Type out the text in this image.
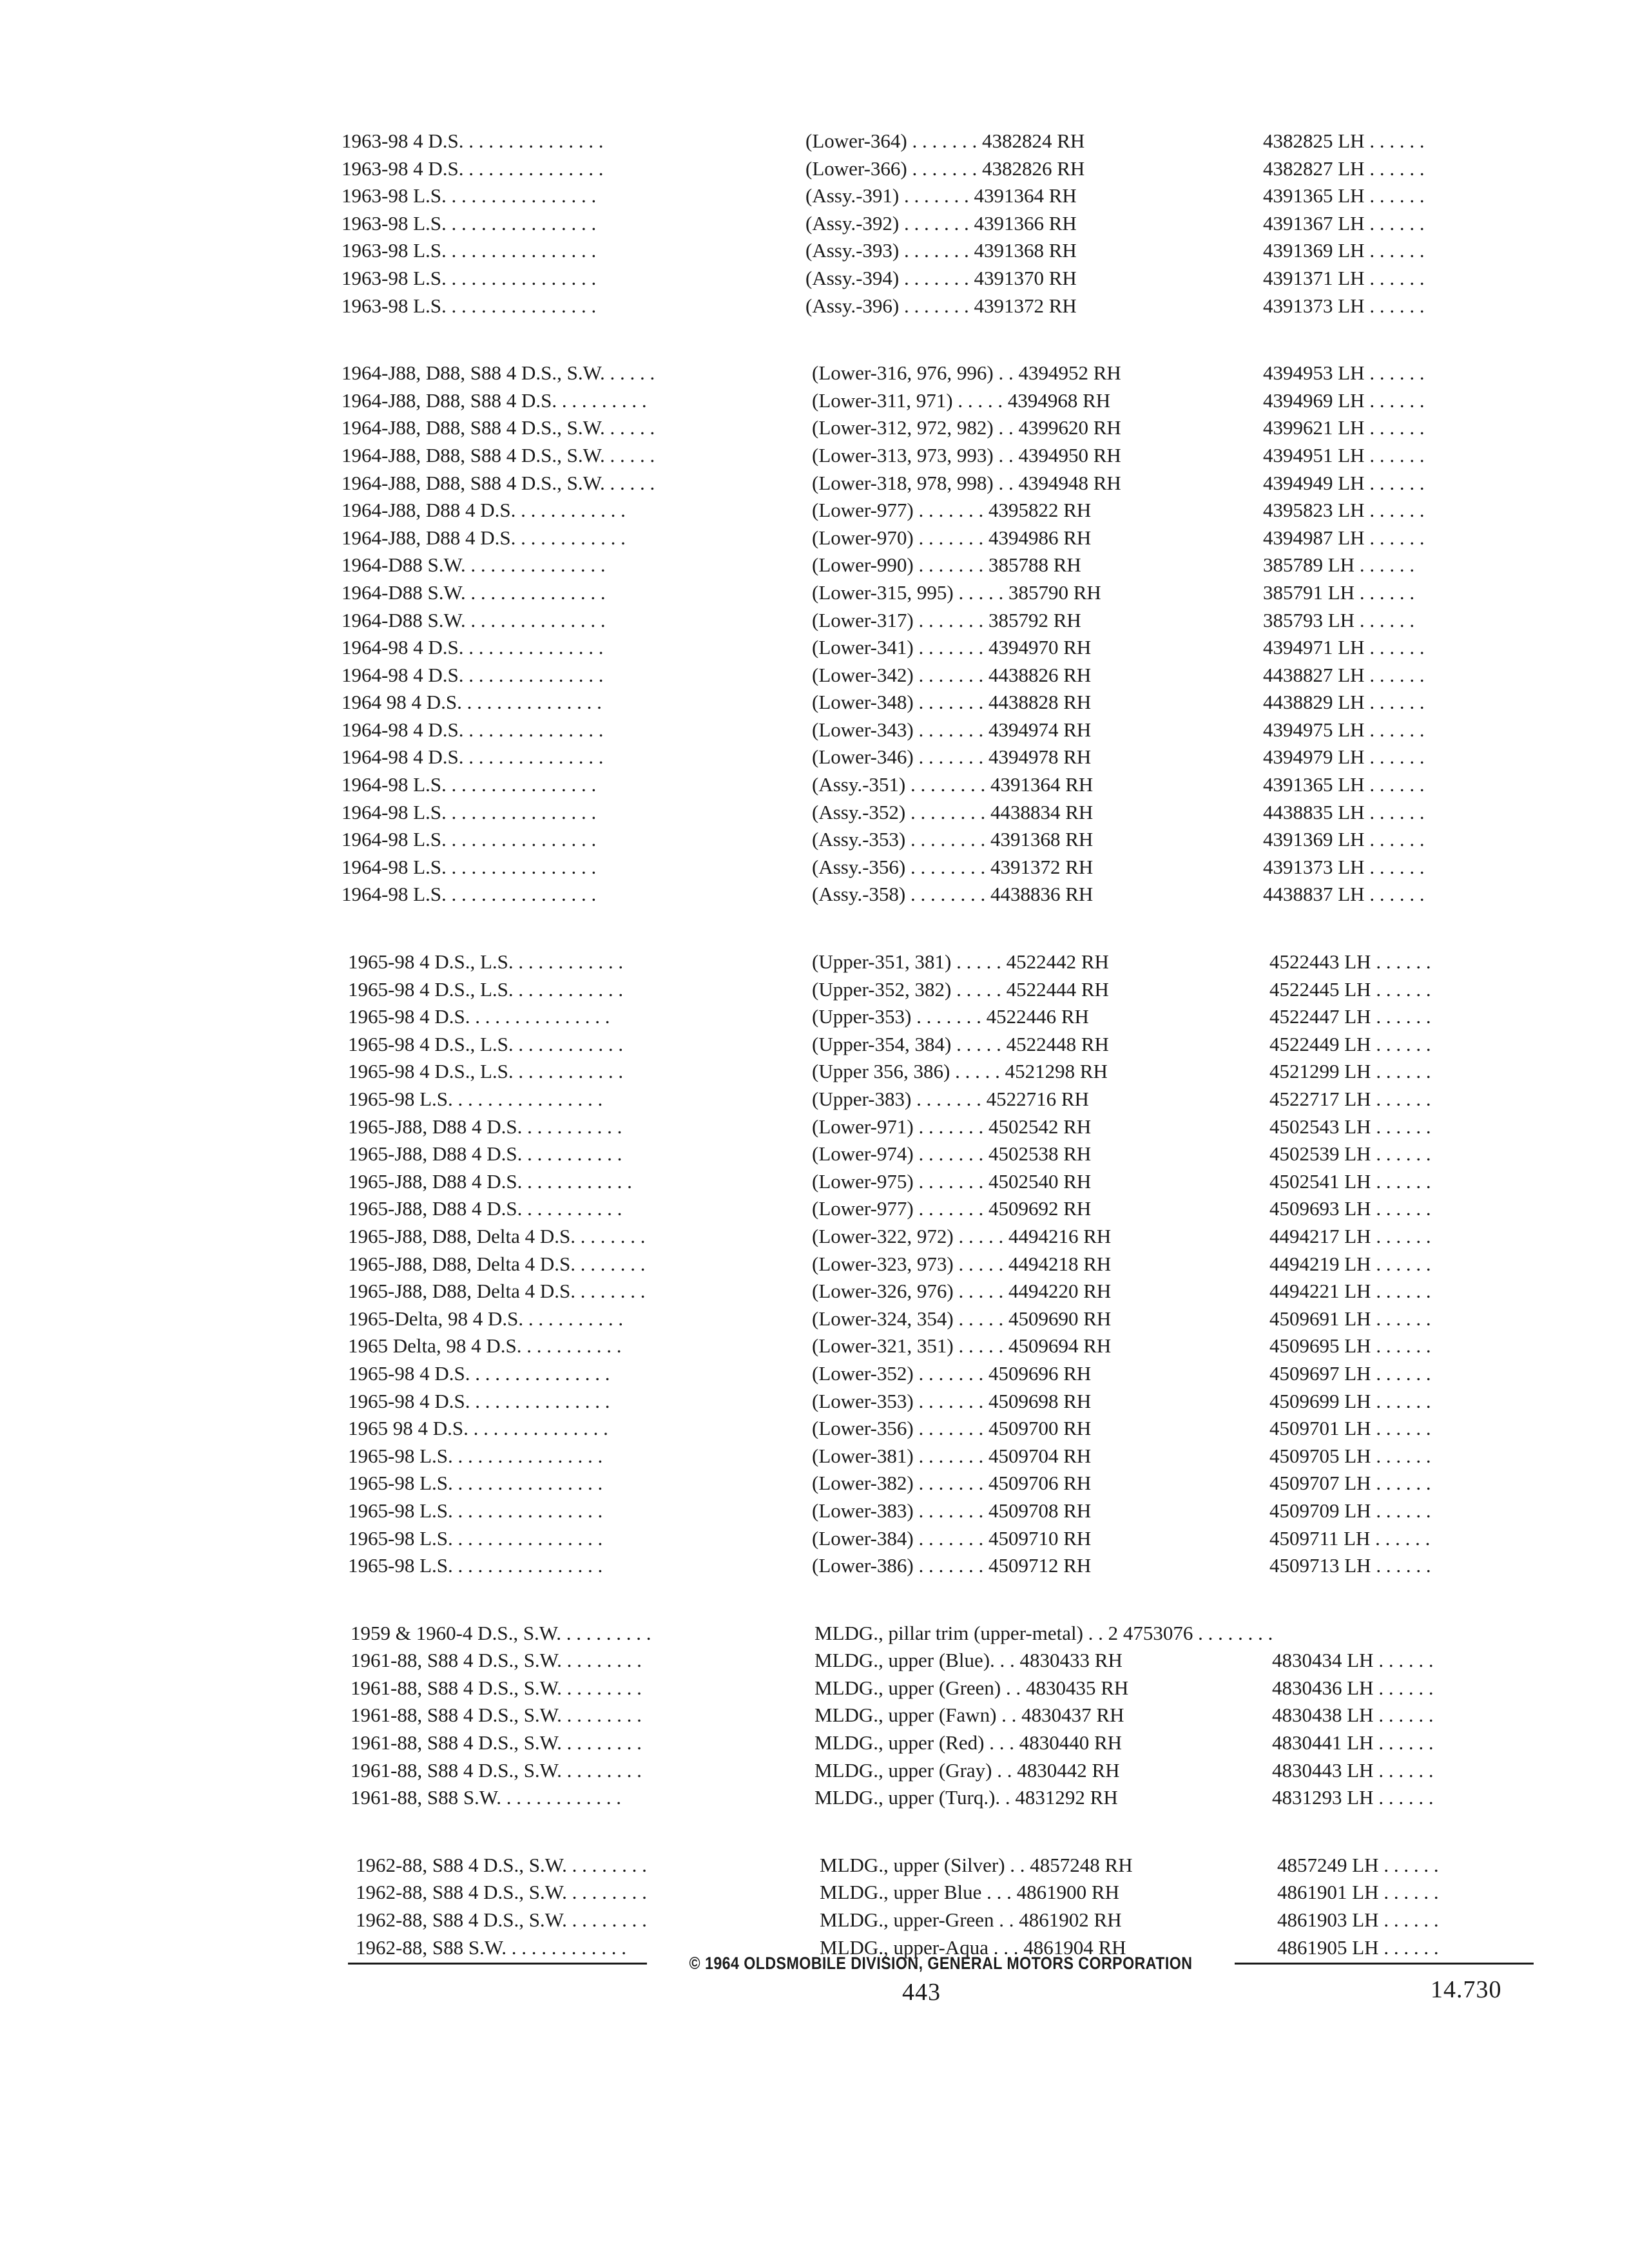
1963-98 4 D.S. . . . . . . . . . . . . . .	(Lower-364) . . . . . . . 4382824 RH	4382825 LH . . . . . .
1963-98 4 D.S. . . . . . . . . . . . . . .	(Lower-366) . . . . . . . 4382826 RH	4382827 LH . . . . . .
1963-98 L.S. . . . . . . . . . . . . . . .	(Assy.-391) . . . . . . . 4391364 RH	4391365 LH . . . . . .
1963-98 L.S. . . . . . . . . . . . . . . .	(Assy.-392) . . . . . . . 4391366 RH	4391367 LH . . . . . .
1963-98 L.S. . . . . . . . . . . . . . . .	(Assy.-393) . . . . . . . 4391368 RH	4391369 LH . . . . . .
1963-98 L.S. . . . . . . . . . . . . . . .	(Assy.-394) . . . . . . . 4391370 RH	4391371 LH . . . . . .
1963-98 L.S. . . . . . . . . . . . . . . .	(Assy.-396) . . . . . . . 4391372 RH	4391373 LH . . . . . .
1964-J88, D88, S88 4 D.S., S.W. . . . . .	(Lower-316, 976, 996) . . 4394952 RH	4394953 LH . . . . . .
1964-J88, D88, S88 4 D.S. . . . . . . . . .	(Lower-311, 971) . . . . . 4394968 RH	4394969 LH . . . . . .
1964-J88, D88, S88 4 D.S., S.W. . . . . .	(Lower-312, 972, 982) . . 4399620 RH	4399621 LH . . . . . .
1964-J88, D88, S88 4 D.S., S.W. . . . . .	(Lower-313, 973, 993) . . 4394950 RH	4394951 LH . . . . . .
1964-J88, D88, S88 4 D.S., S.W. . . . . .	(Lower-318, 978, 998) . . 4394948 RH	4394949 LH . . . . . .
1964-J88, D88 4 D.S. . . . . . . . . . . .	(Lower-977) . . . . . . . 4395822 RH	4395823 LH . . . . . .
1964-J88, D88 4 D.S. . . . . . . . . . . .	(Lower-970) . . . . . . . 4394986 RH	4394987 LH . . . . . .
1964-D88 S.W. . . . . . . . . . . . . . .	(Lower-990) . . . . . . . 385788 RH	385789 LH . . . . . .
1964-D88 S.W. . . . . . . . . . . . . . .	(Lower-315, 995) . . . . . 385790 RH	385791 LH . . . . . .
1964-D88 S.W. . . . . . . . . . . . . . .	(Lower-317) . . . . . . . 385792 RH	385793 LH . . . . . .
1964-98 4 D.S. . . . . . . . . . . . . . .	(Lower-341) . . . . . . . 4394970 RH	4394971 LH . . . . . .
1964-98 4 D.S. . . . . . . . . . . . . . .	(Lower-342) . . . . . . . 4438826 RH	4438827 LH . . . . . .
1964 98 4 D.S. . . . . . . . . . . . . . .	(Lower-348) . . . . . . . 4438828 RH	4438829 LH . . . . . .
1964-98 4 D.S. . . . . . . . . . . . . . .	(Lower-343) . . . . . . . 4394974 RH	4394975 LH . . . . . .
1964-98 4 D.S. . . . . . . . . . . . . . .	(Lower-346) . . . . . . . 4394978 RH	4394979 LH . . . . . .
1964-98 L.S. . . . . . . . . . . . . . . .	(Assy.-351) . . . . . . . . 4391364 RH	4391365 LH . . . . . .
1964-98 L.S. . . . . . . . . . . . . . . .	(Assy.-352) . . . . . . . . 4438834 RH	4438835 LH . . . . . .
1964-98 L.S. . . . . . . . . . . . . . . .	(Assy.-353) . . . . . . . . 4391368 RH	4391369 LH . . . . . .
1964-98 L.S. . . . . . . . . . . . . . . .	(Assy.-356) . . . . . . . . 4391372 RH	4391373 LH . . . . . .
1964-98 L.S. . . . . . . . . . . . . . . .	(Assy.-358) . . . . . . . . 4438836 RH	4438837 LH . . . . . .
1965-98 4 D.S., L.S. . . . . . . . . . . .	(Upper-351, 381) . . . . . 4522442 RH	4522443 LH . . . . . .
1965-98 4 D.S., L.S. . . . . . . . . . . .	(Upper-352, 382) . . . . . 4522444 RH	4522445 LH . . . . . .
1965-98 4 D.S. . . . . . . . . . . . . . .	(Upper-353) . . . . . . . 4522446 RH	4522447 LH . . . . . .
1965-98 4 D.S., L.S. . . . . . . . . . . .	(Upper-354, 384) . . . . . 4522448 RH	4522449 LH . . . . . .
1965-98 4 D.S., L.S. . . . . . . . . . . .	(Upper 356, 386) . . . . . 4521298 RH	4521299 LH . . . . . .
1965-98 L.S. . . . . . . . . . . . . . . .	(Upper-383) . . . . . . . 4522716 RH	4522717 LH . . . . . .
1965-J88, D88 4 D.S. . . . . . . . . . .	(Lower-971) . . . . . . . 4502542 RH	4502543 LH . . . . . .
1965-J88, D88 4 D.S. . . . . . . . . . .	(Lower-974) . . . . . . . 4502538 RH	4502539 LH . . . . . .
1965-J88, D88 4 D.S. . . . . . . . . . . .	(Lower-975) . . . . . . . 4502540 RH	4502541 LH . . . . . .
1965-J88, D88 4 D.S. . . . . . . . . . .	(Lower-977) . . . . . . . 4509692 RH	4509693 LH . . . . . .
1965-J88, D88, Delta 4 D.S. . . . . . . .	(Lower-322, 972) . . . . . 4494216 RH	4494217 LH . . . . . .
1965-J88, D88, Delta 4 D.S. . . . . . . .	(Lower-323, 973) . . . . . 4494218 RH	4494219 LH . . . . . .
1965-J88, D88, Delta 4 D.S. . . . . . . .	(Lower-326, 976) . . . . . 4494220 RH	4494221 LH . . . . . .
1965-Delta, 98 4 D.S. . . . . . . . . . .	(Lower-324, 354) . . . . . 4509690 RH	4509691 LH . . . . . .
1965 Delta, 98 4 D.S. . . . . . . . . . .	(Lower-321, 351) . . . . . 4509694 RH	4509695 LH . . . . . .
1965-98 4 D.S. . . . . . . . . . . . . . .	(Lower-352) . . . . . . . 4509696 RH	4509697 LH . . . . . .
1965-98 4 D.S. . . . . . . . . . . . . . .	(Lower-353) . . . . . . . 4509698 RH	4509699 LH . . . . . .
1965 98 4 D.S. . . . . . . . . . . . . . .	(Lower-356) . . . . . . . 4509700 RH	4509701 LH . . . . . .
1965-98 L.S. . . . . . . . . . . . . . . .	(Lower-381) . . . . . . . 4509704 RH	4509705 LH . . . . . .
1965-98 L.S. . . . . . . . . . . . . . . .	(Lower-382) . . . . . . . 4509706 RH	4509707 LH . . . . . .
1965-98 L.S. . . . . . . . . . . . . . . .	(Lower-383) . . . . . . . 4509708 RH	4509709 LH . . . . . .
1965-98 L.S. . . . . . . . . . . . . . . .	(Lower-384) . . . . . . . 4509710 RH	4509711 LH . . . . . .
1965-98 L.S. . . . . . . . . . . . . . . .	(Lower-386) . . . . . . . 4509712 RH	4509713 LH . . . . . .
1959 & 1960-4 D.S., S.W. . . . . . . . . .	MLDG., pillar trim (upper-metal) . . 2 4753076 . . . . . . . .
1961-88, S88 4 D.S., S.W. . . . . . . . .	MLDG., upper (Blue). . . 4830433 RH	4830434 LH . . . . . .
1961-88, S88 4 D.S., S.W. . . . . . . . .	MLDG., upper (Green) . . 4830435 RH	4830436 LH . . . . . .
1961-88, S88 4 D.S., S.W. . . . . . . . .	MLDG., upper (Fawn) . . 4830437 RH	4830438 LH . . . . . .
1961-88, S88 4 D.S., S.W. . . . . . . . .	MLDG., upper (Red) . . . 4830440 RH	4830441 LH . . . . . .
1961-88, S88 4 D.S., S.W. . . . . . . . .	MLDG., upper (Gray) . . 4830442 RH	4830443 LH . . . . . .
1961-88, S88 S.W. . . . . . . . . . . . .	MLDG., upper (Turq.). . 4831292 RH	4831293 LH . . . . . .
1962-88, S88 4 D.S., S.W. . . . . . . . .	MLDG., upper (Silver) . . 4857248 RH	4857249 LH . . . . . .
1962-88, S88 4 D.S., S.W. . . . . . . . .	MLDG., upper Blue . . . 4861900 RH	4861901 LH . . . . . .
1962-88, S88 4 D.S., S.W. . . . . . . . .	MLDG., upper-Green . . 4861902 RH	4861903 LH . . . . . .
1962-88, S88 S.W. . . . . . . . . . . . .	MLDG., upper-Aqua . . . 4861904 RH	4861905 LH . . . . . .
© 1964 OLDSMOBILE DIVISION, GENERAL MOTORS CORPORATION
443	14.730
